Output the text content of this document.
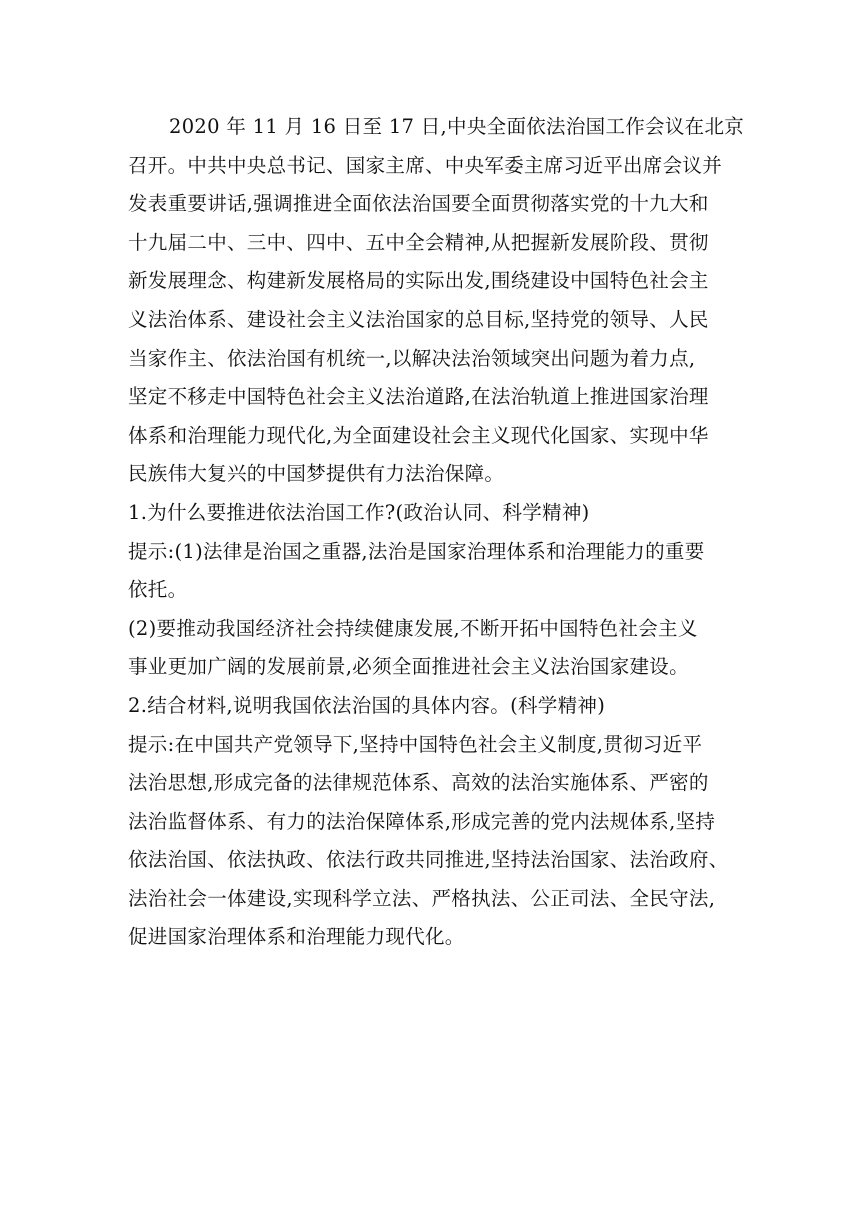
2020 年 11 月 16 日至 17 日,中央全面依法治国工作会议在北京
召开。中共中央总书记、国家主席、中央军委主席习近平出席会议并
发表重要讲话,强调推进全面依法治国要全面贯彻落实党的十九大和
十九届二中、三中、四中、五中全会精神,从把握新发展阶段、贯彻
新发展理念、构建新发展格局的实际出发,围绕建设中国特色社会主
义法治体系、建设社会主义法治国家的总目标,坚持党的领导、人民
当家作主、依法治国有机统一,以解决法治领域突出问题为着力点,
坚定不移走中国特色社会主义法治道路,在法治轨道上推进国家治理
体系和治理能力现代化,为全面建设社会主义现代化国家、实现中华
民族伟大复兴的中国梦提供有力法治保障。
1.为什么要推进依法治国工作?(政治认同、科学精神)
提示:(1)法律是治国之重器,法治是国家治理体系和治理能力的重要
依托。
(2)要推动我国经济社会持续健康发展,不断开拓中国特色社会主义
事业更加广阔的发展前景,必须全面推进社会主义法治国家建设。
2.结合材料,说明我国依法治国的具体内容。(科学精神)
提示:在中国共产党领导下,坚持中国特色社会主义制度,贯彻习近平
法治思想,形成完备的法律规范体系、高效的法治实施体系、严密的
法治监督体系、有力的法治保障体系,形成完善的党内法规体系,坚持
依法治国、依法执政、依法行政共同推进,坚持法治国家、法治政府、
法治社会一体建设,实现科学立法、严格执法、公正司法、全民守法,
促进国家治理体系和治理能力现代化。
